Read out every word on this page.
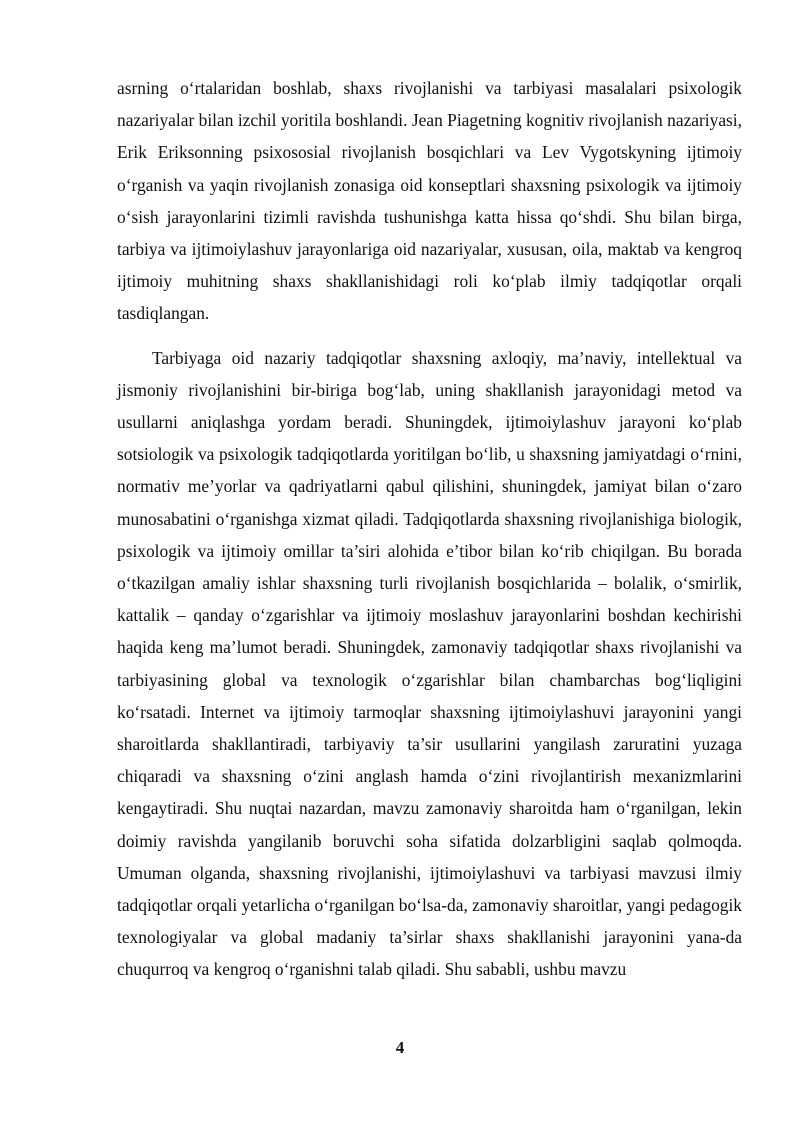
asrning o‘rtalaridan boshlab, shaxs rivojlanishi va tarbiyasi masalalari psixologik nazariyalar bilan izchil yoritila boshlandi. Jean Piagetning kognitiv rivojlanish nazariyasi, Erik Eriksonning psixososial rivojlanish bosqichlari va Lev Vygotskyning ijtimoiy o‘rganish va yaqin rivojlanish zonasiga oid konseptlari shaxsning psixologik va ijtimoiy o‘sish jarayonlarini tizimli ravishda tushunishga katta hissa qo‘shdi. Shu bilan birga, tarbiya va ijtimoiylashuv jarayonlariga oid nazariyalar, xususan, oila, maktab va kengroq ijtimoiy muhitning shaxs shakllanishidagi roli ko‘plab ilmiy tadqiqotlar orqali tasdiqlangan.

Tarbiyaga oid nazariy tadqiqotlar shaxsning axloqiy, ma’naviy, intellektual va jismoniy rivojlanishini bir-biriga bog‘lab, uning shakllanish jarayonidagi metod va usullarni aniqlashga yordam beradi. Shuningdek, ijtimoiylashuv jarayoni ko‘plab sotsiologik va psixologik tadqiqotlarda yoritilgan bo‘lib, u shaxsning jamiyatdagi o‘rnini, normativ me’yorlar va qadriyatlarni qabul qilishini, shuningdek, jamiyat bilan o‘zaro munosabatini o‘rganishga xizmat qiladi. Tadqiqotlarda shaxsning rivojlanishiga biologik, psixologik va ijtimoiy omillar ta’siri alohida e’tibor bilan ko‘rib chiqilgan. Bu borada o‘tkazilgan amaliy ishlar shaxsning turli rivojlanish bosqichlarida – bolalik, o‘smirlik, kattalik – qanday o‘zgarishlar va ijtimoiy moslashuv jarayonlarini boshdan kechirishi haqida keng ma’lumot beradi. Shuningdek, zamonaviy tadqiqotlar shaxs rivojlanishi va tarbiyasining global va texnologik o‘zgarishlar bilan chambarchas bog‘liqligini ko‘rsatadi. Internet va ijtimoiy tarmoqlar shaxsning ijtimoiylashuvi jarayonini yangi sharoitlarda shakllantiradi, tarbiyaviy ta’sir usullarini yangilash zaruratini yuzaga chiqaradi va shaxsning o‘zini anglash hamda o‘zini rivojlantirish mexanizmlarini kengaytiradi. Shu nuqtai nazardan, mavzu zamonaviy sharoitda ham o‘rganilgan, lekin doimiy ravishda yangilanib boruvchi soha sifatida dolzarbligini saqlab qolmoqda. Umuman olganda, shaxsning rivojlanishi, ijtimoiylashuvi va tarbiyasi mavzusi ilmiy tadqiqotlar orqali yetarlicha o‘rganilgan bo‘lsa-da, zamonaviy sharoitlar, yangi pedagogik texnologiyalar va global madaniy ta’sirlar shaxs shakllanishi jarayonini yana-da chuqurroq va kengroq o‘rganishni talab qiladi. Shu sababli, ushbu mavzu

4
